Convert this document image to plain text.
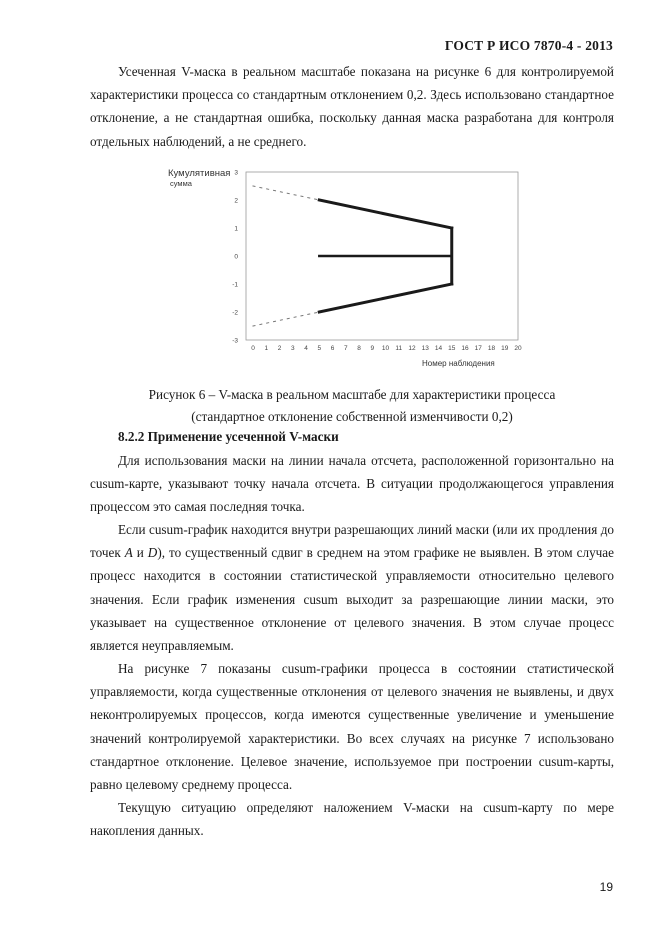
ГОСТ Р ИСО 7870-4 - 2013

Усеченная V-маска в реальном масштабе показана на рисунке 6 для контролируемой характеристики процесса со стандартным отклонением 0,2. Здесь использовано стандартное отклонение, а не стандартная ошибка, поскольку данная маска разработана для контроля отдельных наблюдений, а не среднего.

Кумулятивная
сумма
3
2
1
0
-1
-2
-3
0 1 2 3 4 5 6 7 8 9 10 11 12 13 14 15 16 17 18 19 20
Номер наблюдения

Рисунок 6 – V-маска в реальном масштабе для характеристики процесса

(стандартное отклонение собственной изменчивости 0,2)

8.2.2 Применение усеченной V-маски

Для использования маски на линии начала отсчета, расположенной горизонтально на cusum-карте, указывают точку начала отсчета. В ситуации продолжающегося управления процессом это самая последняя точка.

Если cusum-график находится внутри разрешающих линий маски (или их продления до точек A и D), то существенный сдвиг в среднем на этом графике не выявлен. В этом случае процесс находится в состоянии статистической управляемости относительно целевого значения. Если график изменения cusum выходит за разрешающие линии маски, это указывает на существенное отклонение от целевого значения. В этом случае процесс является неуправляемым.

На рисунке 7 показаны cusum-графики процесса в состоянии статистической управляемости, когда существенные отклонения от целевого значения не выявлены, и двух неконтролируемых процессов, когда имеются существенные увеличение и уменьшение значений контролируемой характеристики. Во всех случаях на рисунке 7 использовано стандартное отклонение. Целевое значение, используемое при построении cusum-карты, равно целевому среднему процесса.

Текущую ситуацию определяют наложением V-маски на cusum-карту по мере накопления данных.

19
